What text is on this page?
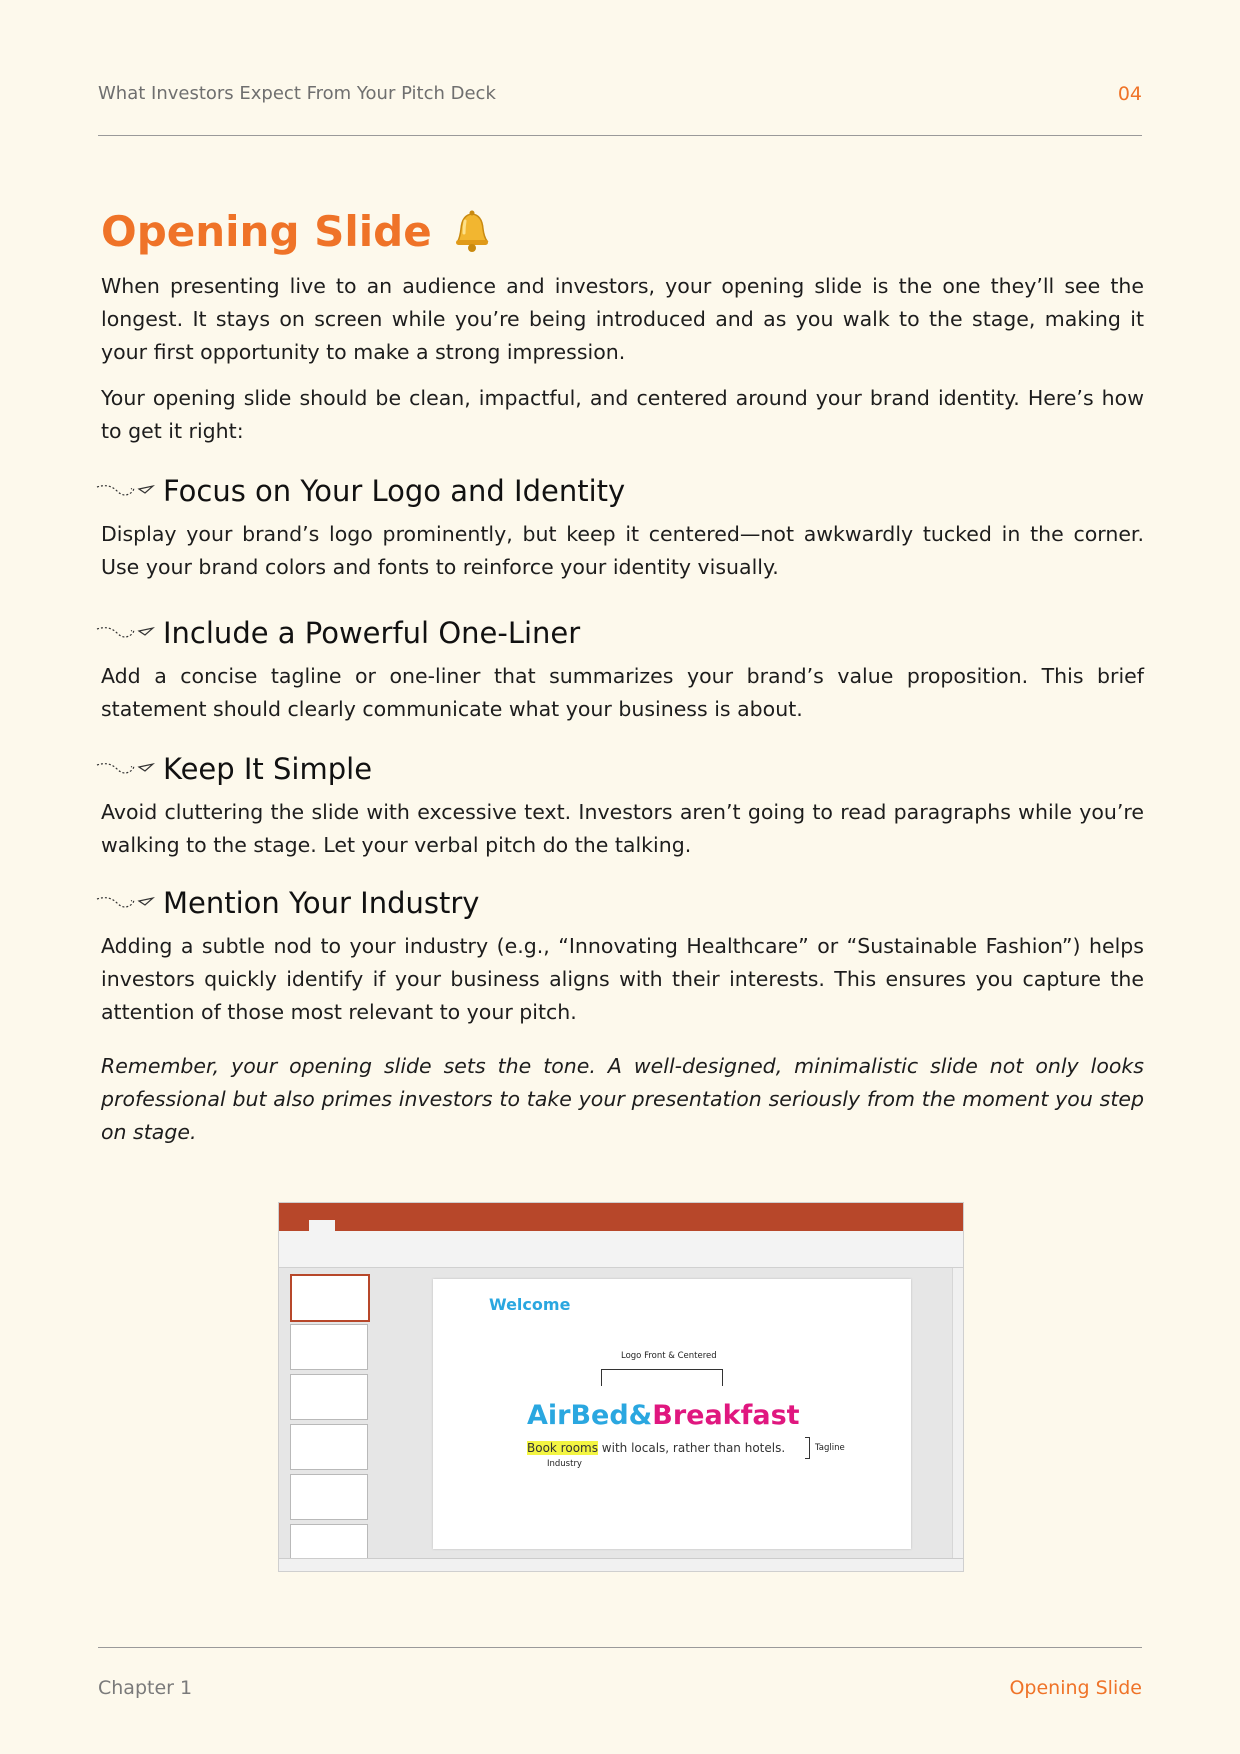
What Investors Expect From Your Pitch Deck	04
Opening Slide

When presenting live to an audience and investors, your opening slide is the one they’ll see the longest. It stays on screen while you’re being introduced and as you walk to the stage, making it your first opportunity to make a strong impression.

Your opening slide should be clean, impactful, and centered around your brand identity. Here’s how to get it right:

Focus on Your Logo and Identity

Display your brand’s logo prominently, but keep it centered—not awkwardly tucked in the corner. Use your brand colors and fonts to reinforce your identity visually.

Include a Powerful One-Liner

Add a concise tagline or one-liner that summarizes your brand’s value proposition. This brief statement should clearly communicate what your business is about.

Keep It Simple

Avoid cluttering the slide with excessive text. Investors aren’t going to read paragraphs while you’re walking to the stage. Let your verbal pitch do the talking.

Mention Your Industry

Adding a subtle nod to your industry (e.g., “Innovating Healthcare” or “Sustainable Fashion”) helps investors quickly identify if your business aligns with their interests. This ensures you capture the attention of those most relevant to your pitch.

Remember, your opening slide sets the tone. A well-designed, minimalistic slide not only looks professional but also primes investors to take your presentation seriously from the moment you step on stage.

Welcome
Logo Front & Centered
AirBed&Breakfast
Book rooms with locals, rather than hotels.	Tagline
Industry
Chapter 1	Opening Slide
